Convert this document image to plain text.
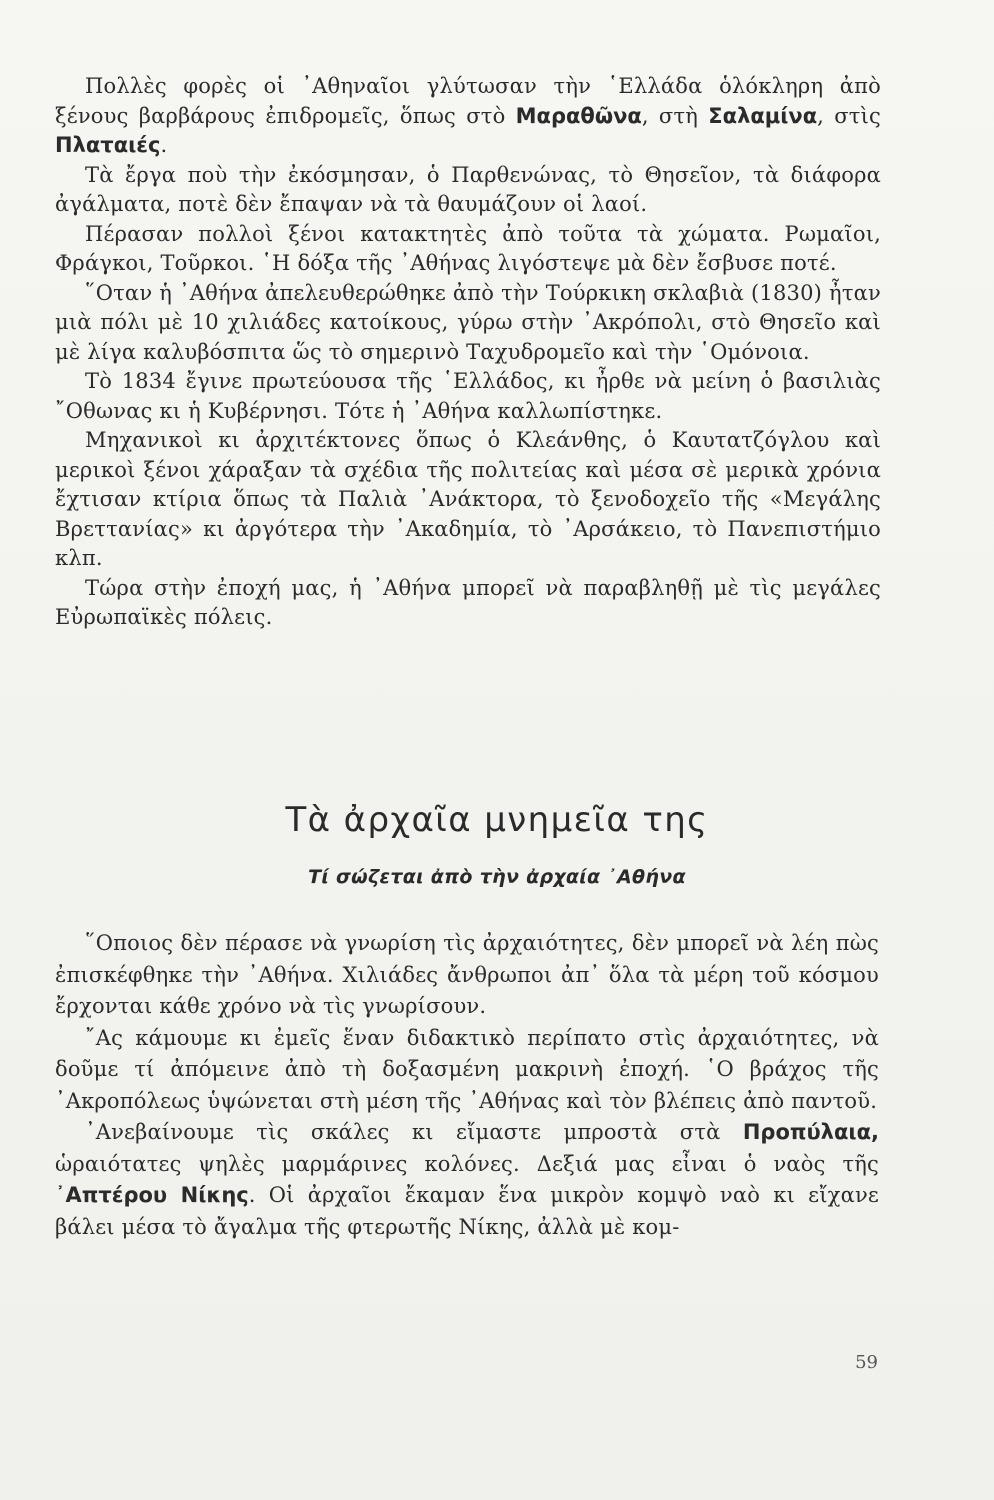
Πολλὲς φορὲς οἱ ᾿Αθηναῖοι γλύτωσαν τὴν ῾Ελλάδα ὁλόκληρη ἀπὸ ξένους βαρβάρους ἐπιδρομεῖς, ὅπως στὸ Μαραθῶνα, στὴ Σαλαμίνα, στὶς Πλαταιές.

Τὰ ἔργα ποὺ τὴν ἐκόσμησαν, ὁ Παρθενώνας, τὸ Θησεῖον, τὰ διάφορα ἀγάλματα, ποτὲ δὲν ἔπαψαν νὰ τὰ θαυμάζουν οἱ λαοί.

Πέρασαν πολλοὶ ξένοι κατακτητὲς ἀπὸ τοῦτα τὰ χώματα. Ρωμαῖοι, Φράγκοι, Τοῦρκοι. ῾Η δόξα τῆς ᾿Αθήνας λιγόστεψε μὰ δὲν ἔσβυσε ποτέ.

῞Οταν ἡ ᾿Αθήνα ἀπελευθερώθηκε ἀπὸ τὴν Τούρκικη σκλαβιὰ (1830) ἦταν μιὰ πόλι μὲ 10 χιλιάδες κατοίκους, γύρω στὴν ᾿Ακρόπολι, στὸ Θησεῖο καὶ μὲ λίγα καλυβόσπιτα ὥς τὸ σημερινὸ Ταχυδρομεῖο καὶ τὴν ῾Ομόνοια.

Τὸ 1834 ἔγινε πρωτεύουσα τῆς ῾Ελλάδος, κι ἦρθε νὰ μείνη ὁ βασιλιὰς ῎Οθωνας κι ἡ Κυβέρνησι. Τότε ἡ ᾿Αθήνα καλλωπίστηκε.

Μηχανικοὶ κι ἀρχιτέκτονες ὅπως ὁ Κλεάνθης, ὁ Καυτατζόγλου καὶ μερικοὶ ξένοι χάραξαν τὰ σχέδια τῆς πολιτείας καὶ μέσα σὲ μερικὰ χρόνια ἔχτισαν κτίρια ὅπως τὰ Παλιὰ ᾿Ανάκτορα, τὸ ξενοδοχεῖο τῆς «Μεγάλης Βρεττανίας» κι ἀργότερα τὴν ᾿Ακαδημία, τὸ ᾿Αρσάκειο, τὸ Πανεπιστήμιο κλπ.

Τώρα στὴν ἐποχή μας, ἡ ᾿Αθήνα μπορεῖ νὰ παραβληθῇ μὲ τὶς μεγάλες Εὐρωπαϊκὲς πόλεις.

Τὰ ἀρχαῖα μνημεῖα της
Τί σώζεται ἀπὸ τὴν ἀρχαία ᾿Αθήνα

῞Οποιος δὲν πέρασε νὰ γνωρίση τὶς ἀρχαιότητες, δὲν μπορεῖ νὰ λέη πὼς ἐπισκέφθηκε τὴν ᾿Αθήνα. Χιλιάδες ἄνθρωποι ἀπ᾿ ὅλα τὰ μέρη τοῦ κόσμου ἔρχονται κάθε χρόνο νὰ τὶς γνωρίσουν.

῎Ας κάμουμε κι ἐμεῖς ἕναν διδακτικὸ περίπατο στὶς ἀρχαιότητες, νὰ δοῦμε τί ἀπόμεινε ἀπὸ τὴ δοξασμένη μακρινὴ ἐποχή. ῾Ο βράχος τῆς ᾿Ακροπόλεως ὑψώνεται στὴ μέση τῆς ᾿Αθήνας καὶ τὸν βλέπεις ἀπὸ παντοῦ.

᾿Ανεβαίνουμε τὶς σκάλες κι εἴμαστε μπροστὰ στὰ Προπύλαια, ὡραιότατες ψηλὲς μαρμάρινες κολόνες. Δεξιά μας εἶναι ὁ ναὸς τῆς ᾿Απτέρου Νίκης. Οἱ ἀρχαῖοι ἔκαμαν ἕνα μικρὸν κομψὸ ναὸ κι εἴχανε βάλει μέσα τὸ ἄγαλμα τῆς φτερωτῆς Νίκης, ἀλλὰ μὲ κομ-

59
